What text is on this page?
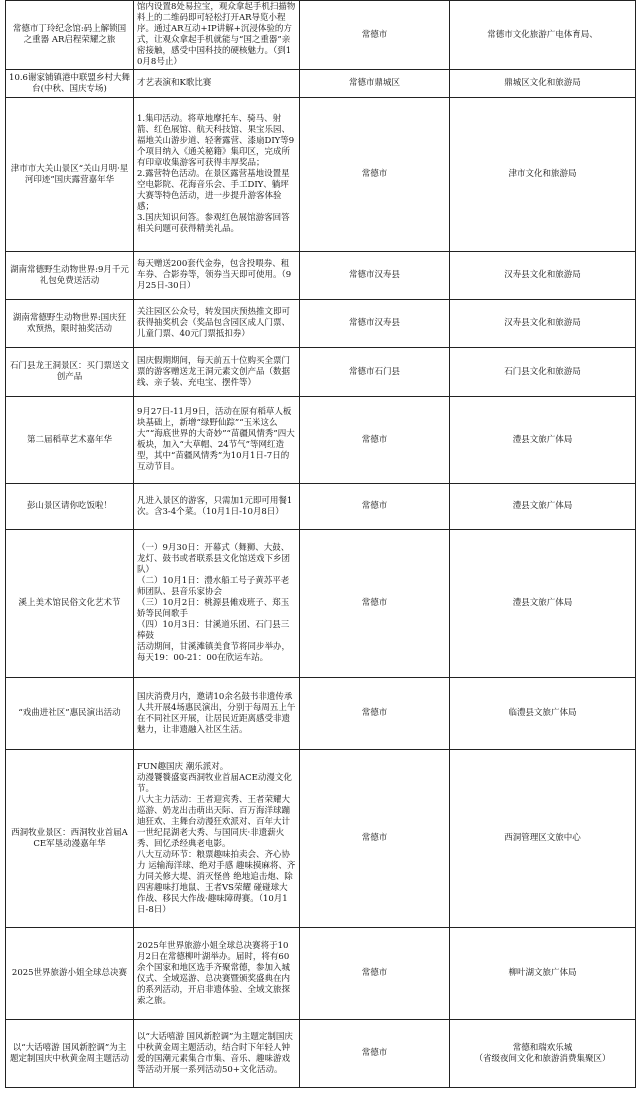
常德市丁玲纪念馆:码上解锁国之重器 AR启程荣耀之旅	馆内设置8处易拉宝，观众拿起手机扫描物料上的二维码即可轻松打开AR导览小程序。通过AR互动+IP讲解+沉浸体验的方式，让观众拿起手机就能与“国之重器”亲密接触，感受中国科技的硬核魅力。（到10月8号止）	常德市	常德市文化旅游广电体育局、
10.6谢家铺镇港中联盟乡村大舞台(中秋、国庆专场)	才艺表演和K歌比赛	常德市鼎城区	鼎城区文化和旅游局
津市市大关山景区“关山月明·星河印迹”国庆露营嘉年华	1.集印活动。将草地摩托车、骑马、射箭、红色展馆、航天科技馆、果宝乐园、福地关山游步道、轻奢露营、漆扇DIY等9个项目纳入《通关秘籍》集印区，完成所有印章收集游客可获得丰厚奖品；
2.露营特色活动。在景区露营基地设置星空电影院、花海音乐会、手工DIY、躺坪大赛等特色活动，进一步提升游客体验感；
3.国庆知识问答。参观红色展馆游客回答相关问题可获得精美礼品。	常德市	津市文化和旅游局
湖南常德野生动物世界:9月千元礼包免费送活动	每天赠送200套代金券，包含投喂券、租车券、合影券等，领券当天即可使用。（9月25日-30日）	常德市汉寿县	汉寿县文化和旅游局
湖南常德野生动物世界:国庆狂欢预热，限时抽奖活动	关注园区公众号，转发国庆预热推文即可获得抽奖机会（奖品包含园区成人门票、儿童门票、40元门票抵扣券）	常德市汉寿县	汉寿县文化和旅游局
石门县龙王洞景区：买门票送文创产品	国庆假期期间，每天前五十位购买全票门票的游客赠送龙王洞元素文创产品（数据线、亲子装、充电宝、摆件等）	常德市石门县	石门县文化和旅游局
第二届稻草艺术嘉年华	9月27日-11月9日，活动在原有稻草人板块基础上，新增“绿野仙踪”“玉米这么大”“海底世界的大奇妙”“苗疆风情秀”四大板块，加入“大草帽、24节气”等网红造型，其中“苗疆风情秀”为10月1日-7日的互动节目。	常德市	澧县文旅广体局
彭山景区请你吃饭啦！	凡进入景区的游客，只需加1元即可用餐1次。含3-4个菜。（10月1日-10月8日）	常德市	澧县文旅广体局
溪上美术馆民俗文化艺术节	（一）9月30日：开幕式（舞狮、大鼓、龙灯、鼓书或者联系县文化馆送戏下乡团队）
（二）10月1日：澧水船工号子黄苏平老师团队、县音乐家协会
（三）10月2日：桃源县傩戏班子、郑玉娇等民间歌手
（四）10月3日：甘溪道乐团、石门县三棒鼓
活动期间，甘溪滩镇美食节将同步举办，每天19：00-21：00在欣运车站。	常德市	澧县文旅广体局
“戏曲进社区”惠民演出活动	国庆消费月内，邀请10余名鼓书非遗传承人共开展4场惠民演出，分别于每周五上午在不同社区开展，让居民近距离感受非遗魅力，让非遗融入社区生活。	常德市	临澧县文旅广体局
西洞牧业景区：西洞牧业首届ACE军垦动漫嘉年华	FUN趣国庆 潮乐派对。
动漫饕餮盛宴西洞牧业首届ACE动漫文化节。
八大主力活动：王者迎宾秀、王者荣耀大巡游、奶龙出击萌出天际、百万海洋球蹦迪狂欢、主舞台动漫狂欢派对、百年大计一世纪昆湖老大秀、与国同庆·非遗薪火秀、回忆杀经典老电影。
八大互动环节：粮票趣味拍卖会、齐心协力 运输海洋球、绝对手感 趣味摸麻将、齐力同关修大堤、消灭怪兽 绝地追击炮、除四害趣味打地鼠、王者VS荣耀 碰碰球大作战、移民大作战·趣味障碍赛。（10月1日-8日）	常德市	西洞管理区文旅中心
2025世界旅游小姐全球总决赛	2025年世界旅游小姐全球总决赛将于10月2日在常德柳叶湖举办。届时，将有60余个国家和地区选手齐聚常德，参加入城仪式、全域巡游、总决赛暨颁奖盛典在内的系列活动，开启非遗体验、全域文旅探索之旅。	常德市	柳叶湖文旅广体局
以“大话嘻游 国风新腔调”为主题定制国庆中秋黄金周主题活动	以“大话嘻游 国风新腔调”为主题定制国庆中秋黄金周主题活动，结合时下年轻人钟爱的国潮元素集合市集、音乐、趣味游戏等活动开展一系列活动50+文化活动。	常德市	常德和瑞欢乐城
（省级夜间文化和旅游消费集聚区）
